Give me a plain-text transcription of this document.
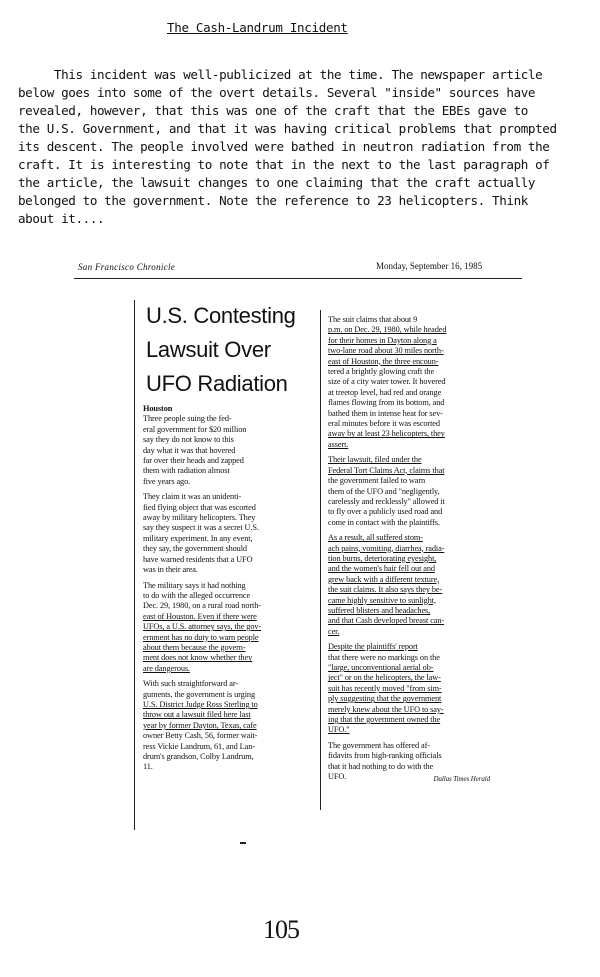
The Cash-Landrum Incident
This incident was well-publicized at the time. The newspaper article
below goes into some of the overt details. Several "inside" sources have
revealed, however, that this was one of the craft that the EBEs gave to
the U.S. Government, and that it was having critical problems that prompted
its descent. The people involved were bathed in neutron radiation from the
craft. It is interesting to note that in the next to the last paragraph of
the article, the lawsuit changes to one claiming that the craft actually
belonged to the government. Note the reference to 23 helicopters. Think
about it....
San Francisco Chronicle	Monday, September 16, 1985
U.S. Contesting
Lawsuit Over
UFO Radiation
Houston
Three people suing the fed-
eral government for $20 million
say they do not know to this
day what it was that hovered
far over their heads and zapped
them with radiation almost
five years ago.
They claim it was an unidenti-
fied flying object that was escorted
away by military helicopters. They
say they suspect it was a secret U.S.
military experiment. In any event,
they say, the government should
have warned residents that a UFO
was in their area.
The military says it had nothing
to do with the alleged occurrence
Dec. 29, 1980, on a rural road north-
east of Houston. Even if there were
UFOs, a U.S. attorney says, the gov-
ernment has no duty to warn people
about them because the govern-
ment does not know whether they
are dangerous.
With such straightforward ar-
guments, the government is urging
U.S. District Judge Ross Sterling to
throw out a lawsuit filed here last
year by former Dayton, Texas, cafe
owner Betty Cash, 56, former wait-
ress Vickie Landrum, 61, and Lan-
drum's grandson, Colby Landrum,
11.
The suit claims that about 9
p.m. on Dec. 29, 1980, while headed
for their homes in Dayton along a
two-lane road about 30 miles north-
east of Houston, the three encoun-
tered a brightly glowing craft the
size of a city water tower. It hovered
at treetop level, had red and orange
flames flowing from its bottom, and
bathed them in intense heat for sev-
eral minutes before it was escorted
away by at least 23 helicopters, they
assert.
Their lawsuit, filed under the
Federal Tort Claims Act, claims that
the government failed to warn
them of the UFO and "negligently,
carelessly and recklessly" allowed it
to fly over a publicly used road and
come in contact with the plaintiffs.
As a result, all suffered stom-
ach pains, vomiting, diarrhea, radia-
tion burns, deteriorating eyesight,
and the women's hair fell out and
grew back with a different texture,
the suit claims. It also says they be-
came highly sensitive to sunlight,
suffered blisters and headaches,
and that Cash developed breast can-
cer.
Despite the plaintiffs' report
that there were no markings on the
"large, unconventional aerial ob-
ject" or on the helicopters, the law-
suit has recently moved "from sim-
ply suggesting that the government
merely knew about the UFO to say-
ing that the government owned the
UFO."
The government has offered af-
fidavits from high-ranking officials
that it had nothing to do with the
UFO.	Dallas Times Herald
105
